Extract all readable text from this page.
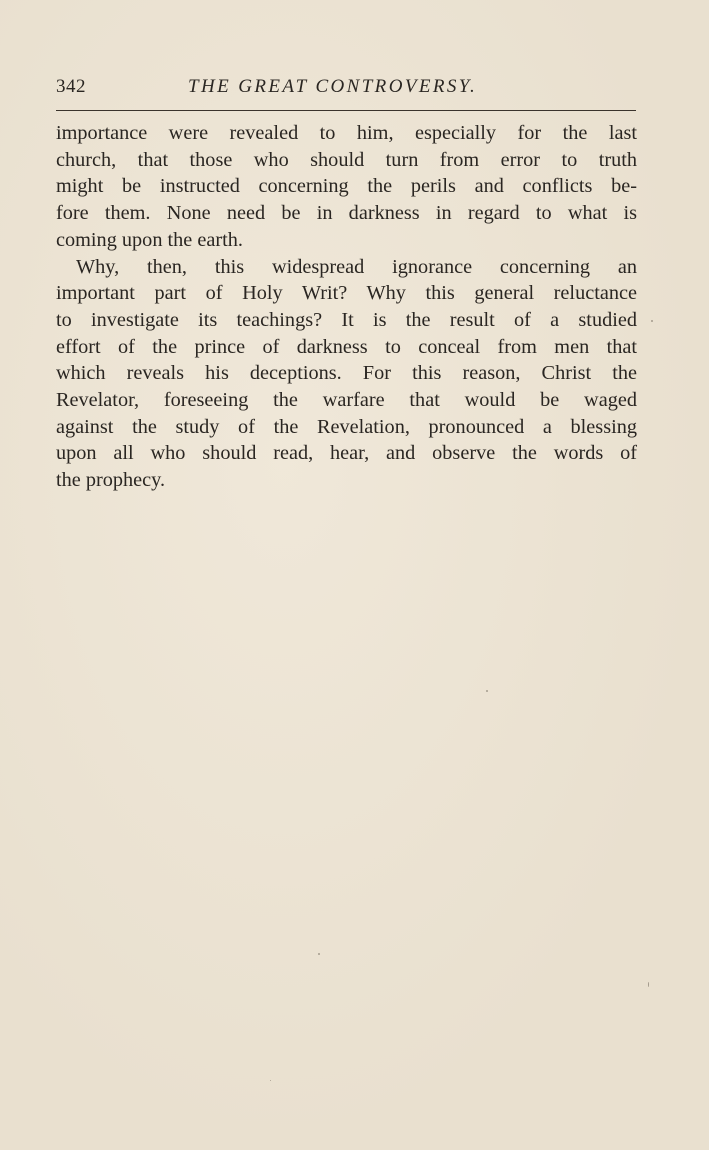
342	THE GREAT CONTROVERSY.

importance were revealed to him, especially for the last
church, that those who should turn from error to truth
might be instructed concerning the perils and conflicts be-
fore them. None need be in darkness in regard to what is
coming upon the earth.

Why, then, this widespread ignorance concerning an
important part of Holy Writ? Why this general reluctance
to investigate its teachings? It is the result of a studied
effort of the prince of darkness to conceal from men that
which reveals his deceptions. For this reason, Christ the
Revelator, foreseeing the warfare that would be waged
against the study of the Revelation, pronounced a blessing
upon all who should read, hear, and observe the words of
the prophecy.
